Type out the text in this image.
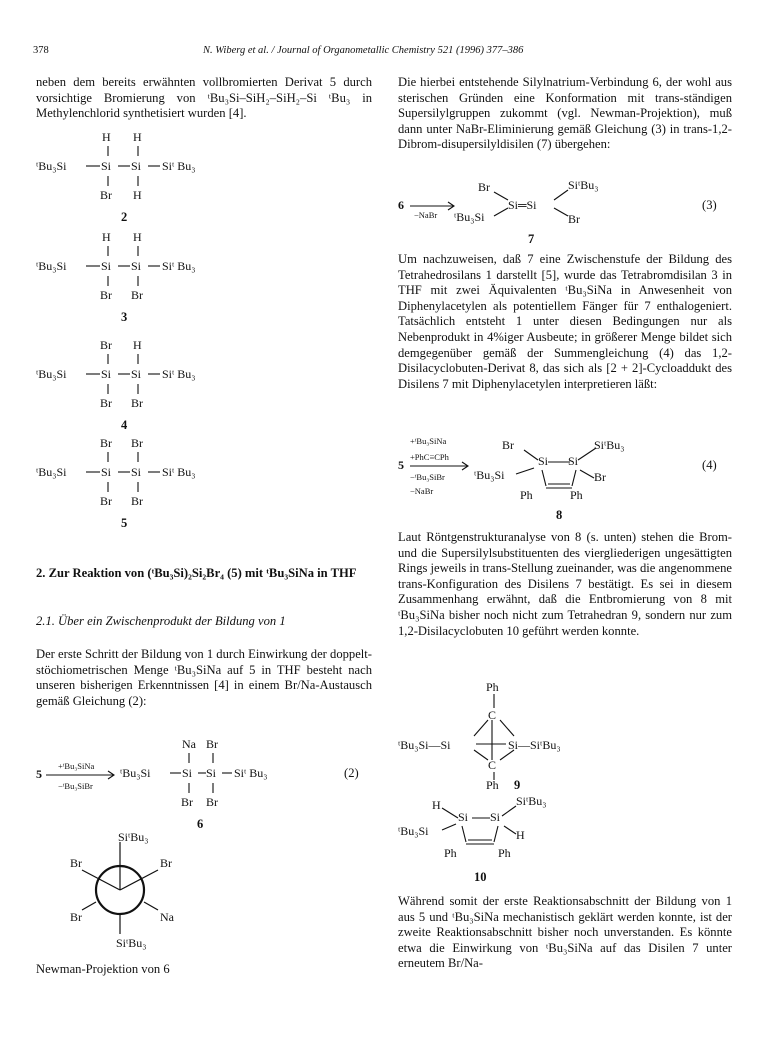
378	N. Wiberg et al. / Journal of Organometallic Chemistry 521 (1996) 377–386

neben dem bereits erwähnten vollbromierten Derivat 5 durch vorsichtige Bromierung von ᵗBu₃Si–SiH₂–SiH₂–Si ᵗBu₃ in Methylenchlorid synthetisiert wurden [4].

H H
ᵗBu₃Si	Si Si Siᵗ Bu₃
Br H
2
H H
ᵗBu₃Si	Si Si Siᵗ Bu₃
Br Br
3
Br H
ᵗBu₃Si	Si Si Siᵗ Bu₃
Br Br
4
Br Br
ᵗBu₃Si	Si Si Siᵗ Bu₃
Br Br
5
2. Zur Reaktion von (ᵗBu₃Si)₂Si₂Br₄ (5) mit ᵗBu₃SiNa in THF
2.1. Über ein Zwischenprodukt der Bildung von 1

Der erste Schritt der Bildung von 1 durch Einwirkung der doppelt-stöchiometrischen Menge ᵗBu₃SiNa auf 5 in THF besteht nach unseren bisherigen Erkenntnissen [4] in einem Br/Na-Austausch gemäß Gleichung (2):

5
+ᵗBu₃SiNa
−ᵗBu₃SiBr
Na Br
ᵗBu₃Si	Si Si Siᵗ Bu₃
Br Br
(2)
6
SiᵗBu₃
Br	Br
Br	Na
SiᵗBu₃
Newman-Projektion von 6

Die hierbei entstehende Silylnatrium-Verbindung 6, der wohl aus sterischen Gründen eine Konformation mit trans-ständigen Supersilylgruppen zukommt (vgl. Newman-Projektion), muß dann unter NaBr-Eliminierung gemäß Gleichung (3) in trans-1,2-Dibrom-disupersilyldisilen (7) übergehen:

6
−NaBr
Br
ᵗBu₃Si
Si═Si
SiᵗBu₃
Br
(3)
7

Um nachzuweisen, daß 7 eine Zwischenstufe der Bildung des Tetrahedrosilans 1 darstellt [5], wurde das Tetrabromdisilan 3 in THF mit zwei Äquivalenten ᵗBu₃SiNa in Anwesenheit von Diphenylacetylen als potentiellem Fänger für 7 enthalogeniert. Tatsächlich entsteht 1 unter diesen Bedingungen nur als Nebenprodukt in 4%iger Ausbeute; in größerer Menge bildet sich demgegenüber gemäß der Summengleichung (4) das 1,2-Disilacyclobuten-Derivat 8, das sich als [2 + 2]-Cycloaddukt des Disilens 7 mit Diphenylacetylen interpretieren läßt:

+ᵗBu₃SiNa
+PhC≡CPh
5
−ᵗBu₃SiBr
−NaBr
Br	SiᵗBu₃
Si Si
ᵗBu₃Si	Br
Ph	Ph
(4)
8

Laut Röntgenstrukturanalyse von 8 (s. unten) stehen die Brom- und die Supersilylsubstituenten des viergliederigen ungesättigten Rings jeweils in trans-Stellung zueinander, was die angenommene trans-Konfiguration des Disilens 7 bestätigt. Es sei in diesem Zusammenhang erwähnt, daß die Entbromierung von 8 mit ᵗBu₃SiNa bisher noch nicht zum Tetrahedran 9, sondern nur zum 1,2-Disilacyclobuten 10 geführt werden konnte.

Ph
C
ᵗBu₃Si—Si	Si—SiᵗBu₃
C
Ph 9
H	SiᵗBu₃
Si Si
ᵗBu₃Si	H
Ph	Ph
10

Während somit der erste Reaktionsabschnitt der Bildung von 1 aus 5 und ᵗBu₃SiNa mechanistisch geklärt werden konnte, ist der zweite Reaktionsabschnitt bisher noch unverstanden. Es könnte etwa die Einwirkung von ᵗBu₃SiNa auf das Disilen 7 unter erneutem Br/Na-
